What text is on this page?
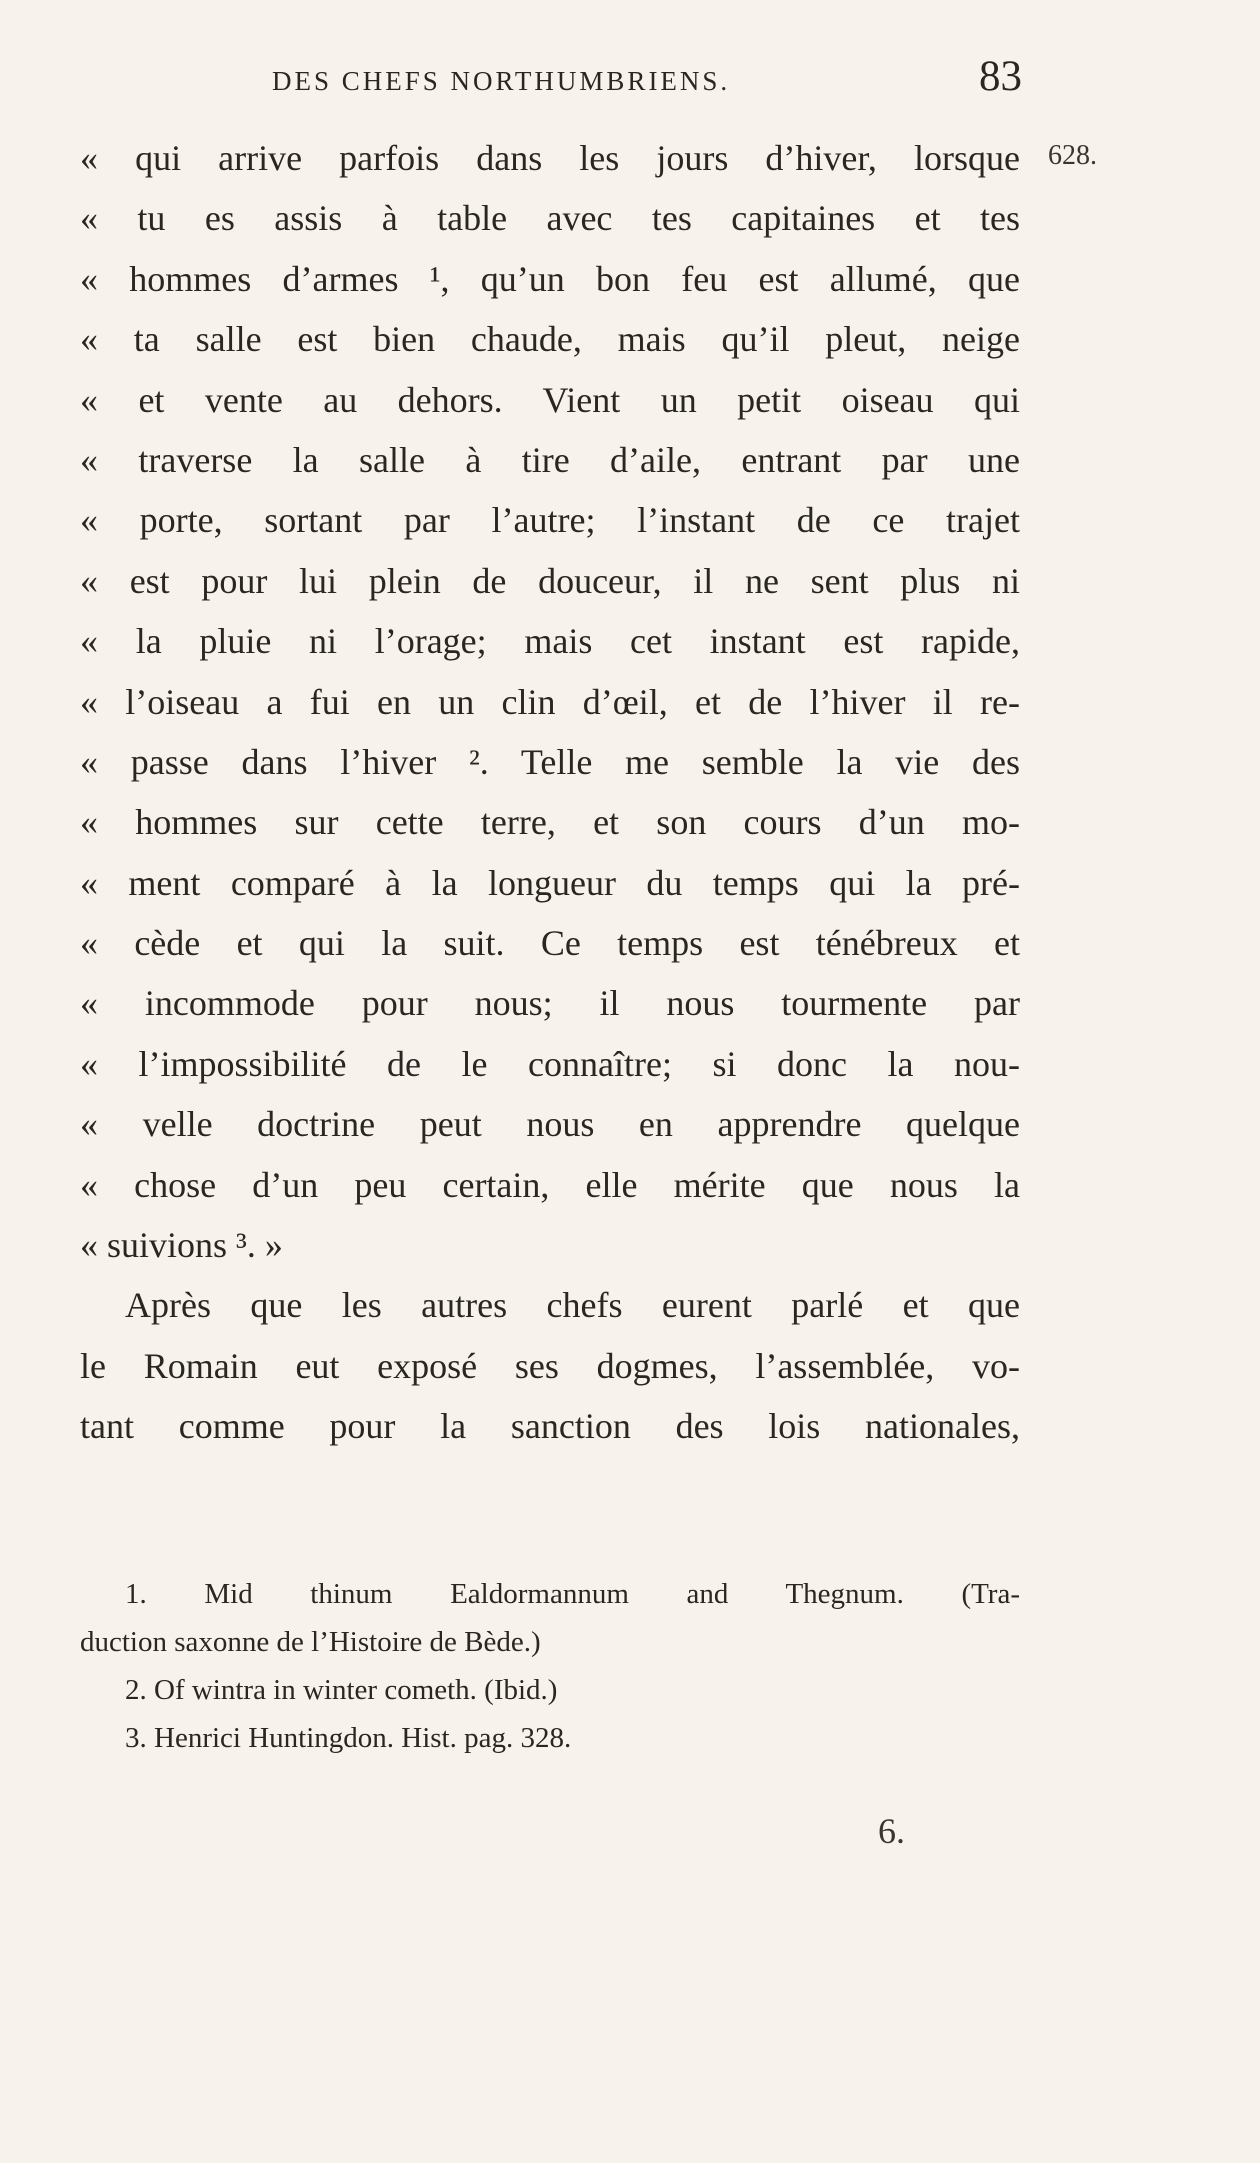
DES CHEFS NORTHUMBRIENS.	83
628.
« qui arrive parfois dans les jours d’hiver, lorsque
« tu es assis à table avec tes capitaines et tes
« hommes d’armes ¹, qu’un bon feu est allumé, que
« ta salle est bien chaude, mais qu’il pleut, neige
« et vente au dehors. Vient un petit oiseau qui
« traverse la salle à tire d’aile, entrant par une
« porte, sortant par l’autre; l’instant de ce trajet
« est pour lui plein de douceur, il ne sent plus ni
« la pluie ni l’orage; mais cet instant est rapide,
« l’oiseau a fui en un clin d’œil, et de l’hiver il re-
« passe dans l’hiver ². Telle me semble la vie des
« hommes sur cette terre, et son cours d’un mo-
« ment comparé à la longueur du temps qui la pré-
« cède et qui la suit. Ce temps est ténébreux et
« incommode pour nous; il nous tourmente par
« l’impossibilité de le connaître; si donc la nou-
« velle doctrine peut nous en apprendre quelque
« chose d’un peu certain, elle mérite que nous la
« suivions ³. »
Après que les autres chefs eurent parlé et que
le Romain eut exposé ses dogmes, l’assemblée, vo-
tant comme pour la sanction des lois nationales,
1. Mid thinum Ealdormannum and Thegnum. (Tra-
duction saxonne de l’Histoire de Bède.)
2. Of wintra in winter cometh. (Ibid.)
3. Henrici Huntingdon. Hist. pag. 328.
6.
